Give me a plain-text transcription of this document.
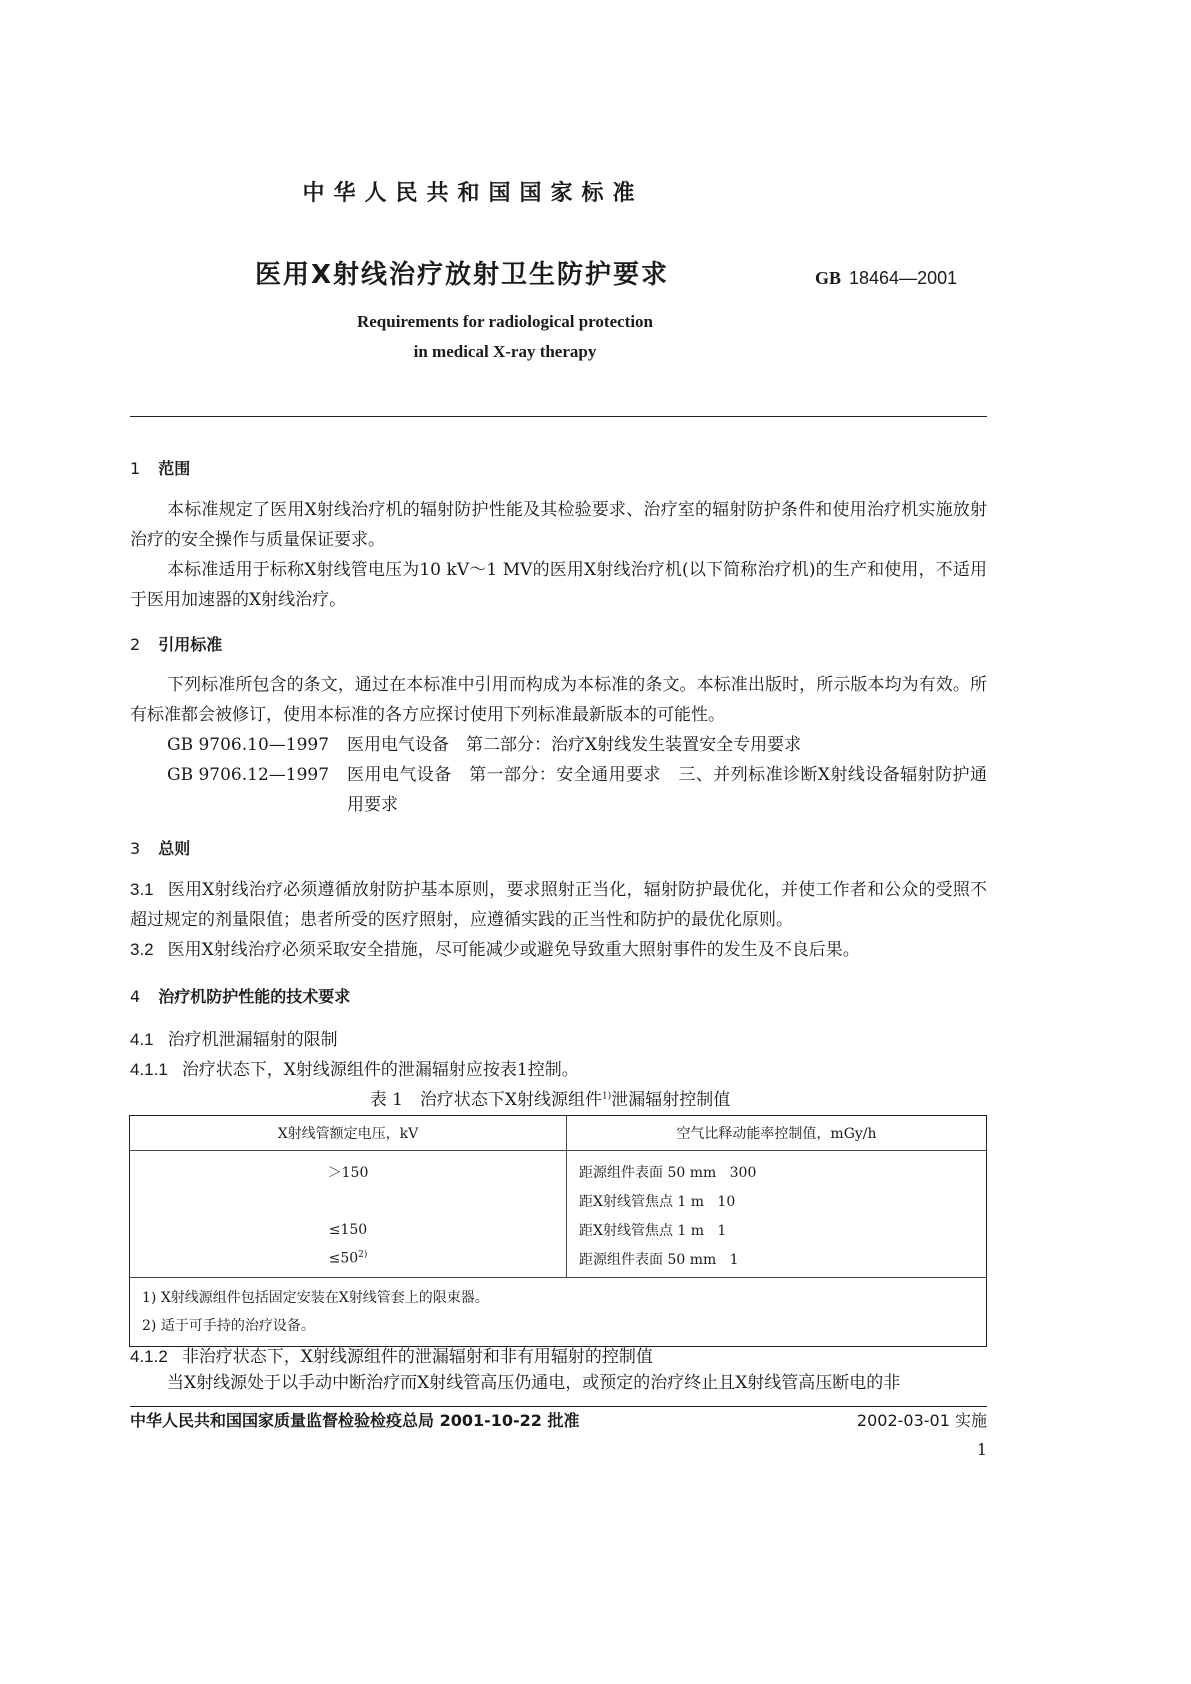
中华人民共和国国家标准
医用X射线治疗放射卫生防护要求	GB 18464—2001
Requirements for radiological protection
in medical X-ray therapy
1 范围
本标准规定了医用X射线治疗机的辐射防护性能及其检验要求、治疗室的辐射防护条件和使用治疗机实施放射治疗的安全操作与质量保证要求。
本标准适用于标称X射线管电压为10 kV～1 MV的医用X射线治疗机(以下简称治疗机)的生产和使用，不适用于医用加速器的X射线治疗。
2 引用标准
下列标准所包含的条文，通过在本标准中引用而构成为本标准的条文。本标准出版时，所示版本均为有效。所有标准都会被修订，使用本标准的各方应探讨使用下列标准最新版本的可能性。
GB 9706.10—1997 医用电气设备　第二部分：治疗X射线发生装置安全专用要求
GB 9706.12—1997	医用电气设备　第一部分：安全通用要求　三、并列标准诊断X射线设备辐射防护通用要求
3 总则
3.1 医用X射线治疗必须遵循放射防护基本原则，要求照射正当化，辐射防护最优化，并使工作者和公众的受照不超过规定的剂量限值；患者所受的医疗照射，应遵循实践的正当性和防护的最优化原则。
3.2 医用X射线治疗必须采取安全措施，尽可能减少或避免导致重大照射事件的发生及不良后果。
4 治疗机防护性能的技术要求
4.1 治疗机泄漏辐射的限制
4.1.1 治疗状态下，X射线源组件的泄漏辐射应按表1控制。
表 1　治疗状态下X射线源组件$^{1)}$泄漏辐射控制值
X射线管额定电压，kV	空气比释动能率控制值，mGy/h
＞150	距源组件表面 50 mm 300
	距X射线管焦点 1 m 10
≤150	距X射线管焦点 1 m 1
$\le 50^{2)}$	距源组件表面 50 mm 1

1) X射线源组件包括固定安装在X射线管套上的限束器。
2) 适于可手持的治疗设备。	
4.1.2 非治疗状态下，X射线源组件的泄漏辐射和非有用辐射的控制值
当X射线源处于以手动中断治疗而X射线管高压仍通电，或预定的治疗终止且X射线管高压断电的非
中华人民共和国国家质量监督检验检疫总局 2001-10-22 批准	2002-03-01 实施
1
